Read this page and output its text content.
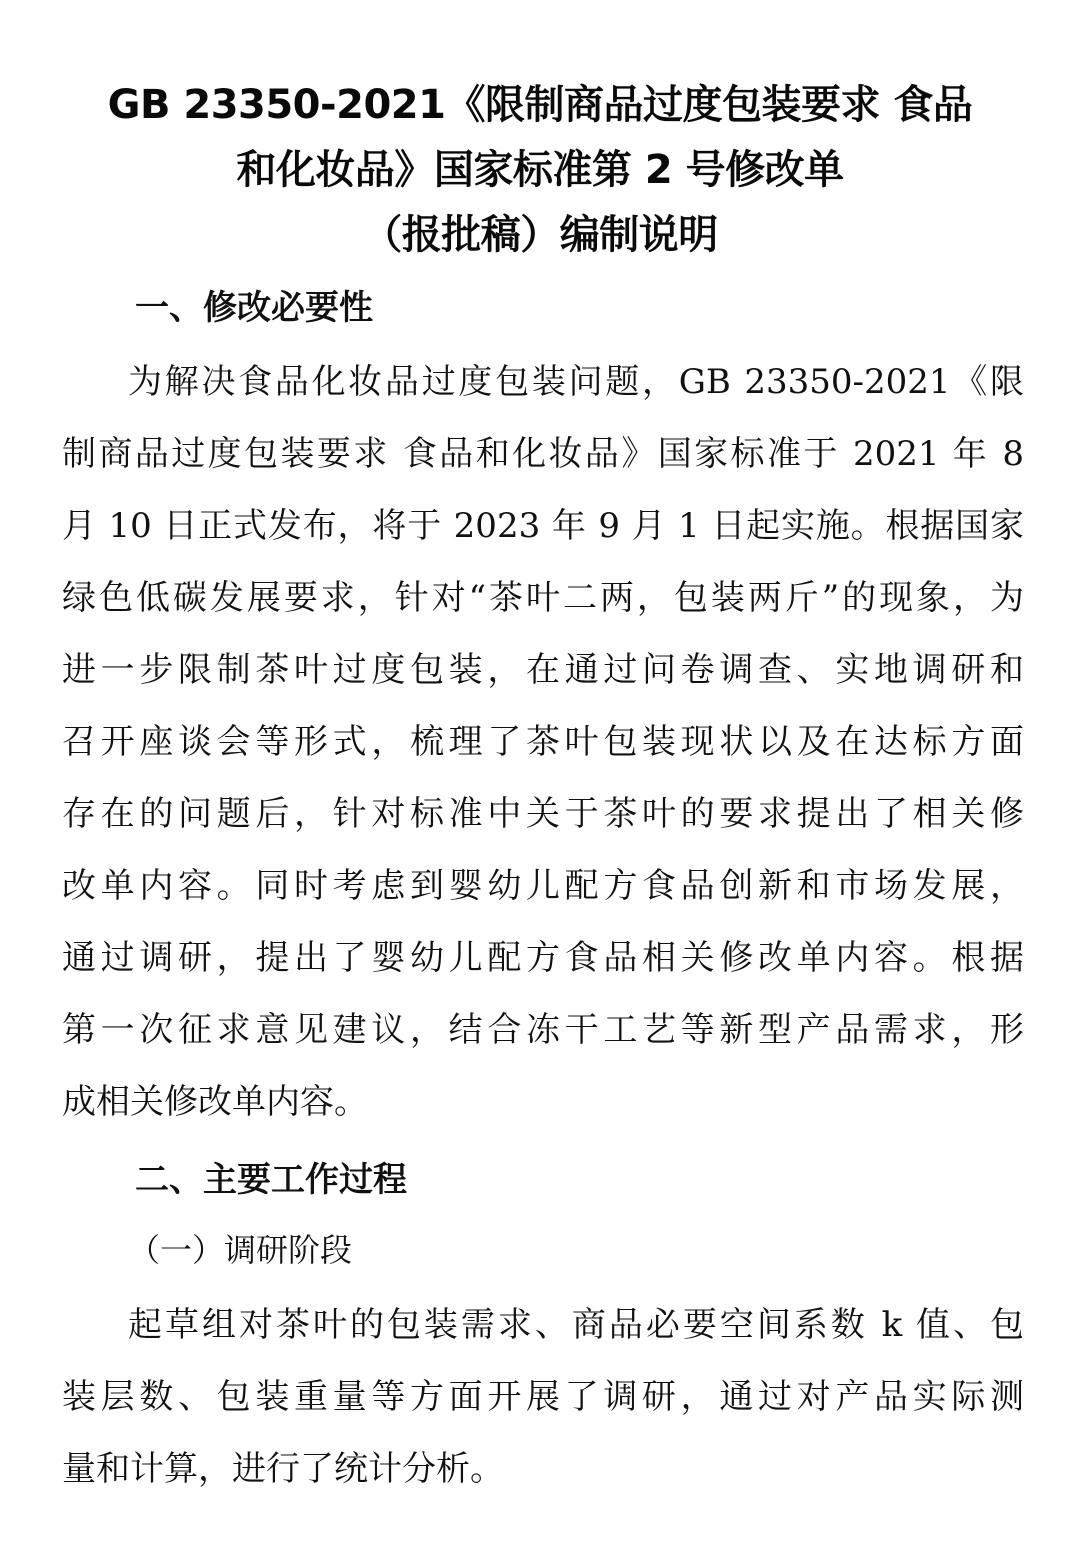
GB 23350-2021《限制商品过度包装要求 食品
和化妆品》国家标准第 2 号修改单
（报批稿）编制说明
一、修改必要性
为解决食品化妆品过度包装问题，GB 23350-2021《限
制商品过度包装要求 食品和化妆品》国家标准于 2021 年 8
月 10 日正式发布，将于 2023 年 9 月 1 日起实施。根据国家
绿色低碳发展要求，针对“茶叶二两，包装两斤”的现象，为
进一步限制茶叶过度包装，在通过问卷调查、实地调研和
召开座谈会等形式，梳理了茶叶包装现状以及在达标方面
存在的问题后，针对标准中关于茶叶的要求提出了相关修
改单内容。同时考虑到婴幼儿配方食品创新和市场发展，
通过调研，提出了婴幼儿配方食品相关修改单内容。根据
第一次征求意见建议，结合冻干工艺等新型产品需求，形
成相关修改单内容。
二、主要工作过程
（一）调研阶段
起草组对茶叶的包装需求、商品必要空间系数 k 值、包
装层数、包装重量等方面开展了调研，通过对产品实际测
量和计算，进行了统计分析。
